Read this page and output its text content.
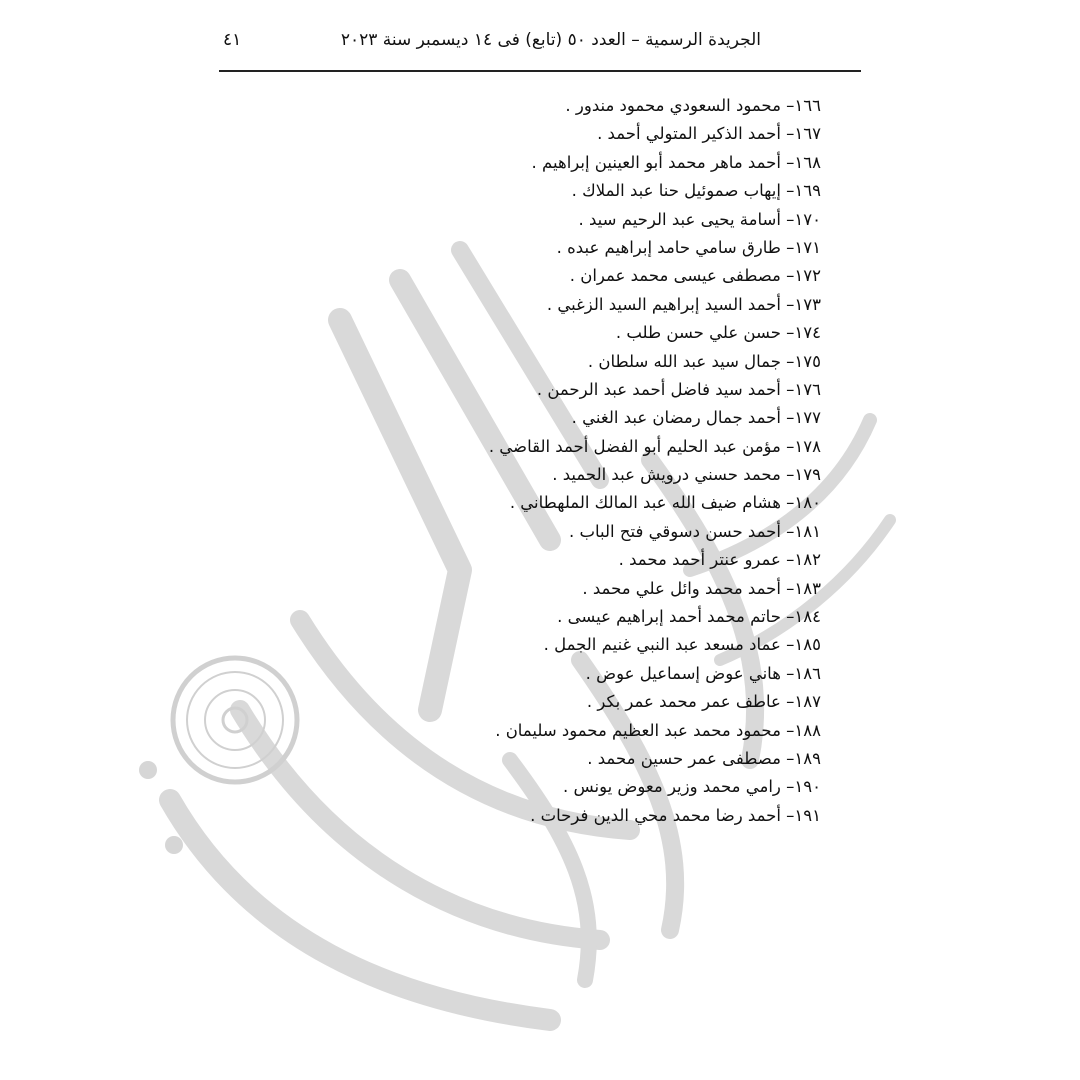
الجريدة الرسمية – العدد ٥٠ (تابع) فى ١٤ ديسمبر سنة ٢٠٢٣
٤١
١٦٦– محمود السعودي محمود مندور .
١٦٧– أحمد الذكير المتولي أحمد .
١٦٨– أحمد ماهر محمد أبو العينين إبراهيم .
١٦٩– إيهاب صموئيل حنا عبد الملاك .
١٧٠– أسامة يحيى عبد الرحيم سيد .
١٧١– طارق سامي حامد إبراهيم عبده .
١٧٢– مصطفى عيسى محمد عمران .
١٧٣– أحمد السيد إبراهيم السيد الزغبي .
١٧٤– حسن علي حسن طلب .
١٧٥– جمال سيد عبد الله سلطان .
١٧٦– أحمد سيد فاضل أحمد عبد الرحمن .
١٧٧– أحمد جمال رمضان عبد الغني .
١٧٨– مؤمن عبد الحليم أبو الفضل أحمد القاضي .
١٧٩– محمد حسني درويش عبد الحميد .
١٨٠– هشام ضيف الله عبد المالك الملهطاني .
١٨١– أحمد حسن دسوقي فتح الباب .
١٨٢– عمرو عنتر أحمد محمد .
١٨٣– أحمد محمد وائل علي محمد .
١٨٤– حاتم محمد أحمد إبراهيم عيسى .
١٨٥– عماد مسعد عبد النبي غنيم الجمل .
١٨٦– هاني عوض إسماعيل عوض .
١٨٧– عاطف عمر محمد عمر بكر .
١٨٨– محمود محمد عبد العظيم محمود سليمان .
١٨٩– مصطفى عمر حسين محمد .
١٩٠– رامي محمد وزير معوض يونس .
١٩١– أحمد رضا محمد محي الدين فرحات .
